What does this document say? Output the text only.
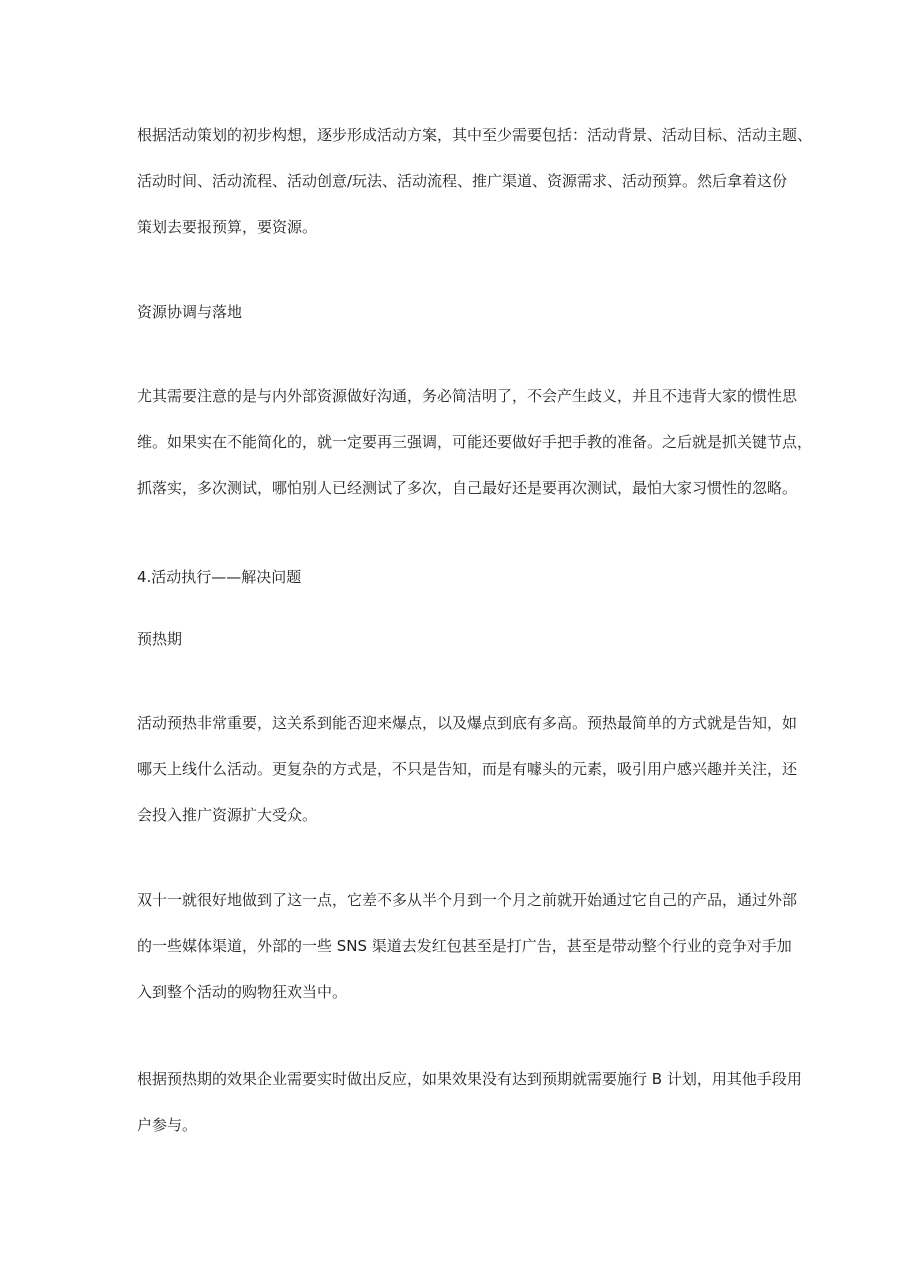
根据活动策划的初步构想，逐步形成活动方案，其中至少需要包括：活动背景、活动目标、活动主题、
活动时间、活动流程、活动创意/玩法、活动流程、推广渠道、资源需求、活动预算。然后拿着这份
策划去要报预算，要资源。

资源协调与落地

尤其需要注意的是与内外部资源做好沟通，务必简洁明了，不会产生歧义，并且不违背大家的惯性思
维。如果实在不能简化的，就一定要再三强调，可能还要做好手把手教的准备。之后就是抓关键节点，
抓落实，多次测试，哪怕别人已经测试了多次，自己最好还是要再次测试，最怕大家习惯性的忽略。

4.活动执行——解决问题
预热期

活动预热非常重要，这关系到能否迎来爆点，以及爆点到底有多高。预热最简单的方式就是告知，如
哪天上线什么活动。更复杂的方式是，不只是告知，而是有噱头的元素，吸引用户感兴趣并关注，还
会投入推广资源扩大受众。

双十一就很好地做到了这一点，它差不多从半个月到一个月之前就开始通过它自己的产品，通过外部
的一些媒体渠道，外部的一些 SNS 渠道去发红包甚至是打广告，甚至是带动整个行业的竞争对手加
入到整个活动的购物狂欢当中。

根据预热期的效果企业需要实时做出反应，如果效果没有达到预期就需要施行 B 计划，用其他手段用
户参与。
